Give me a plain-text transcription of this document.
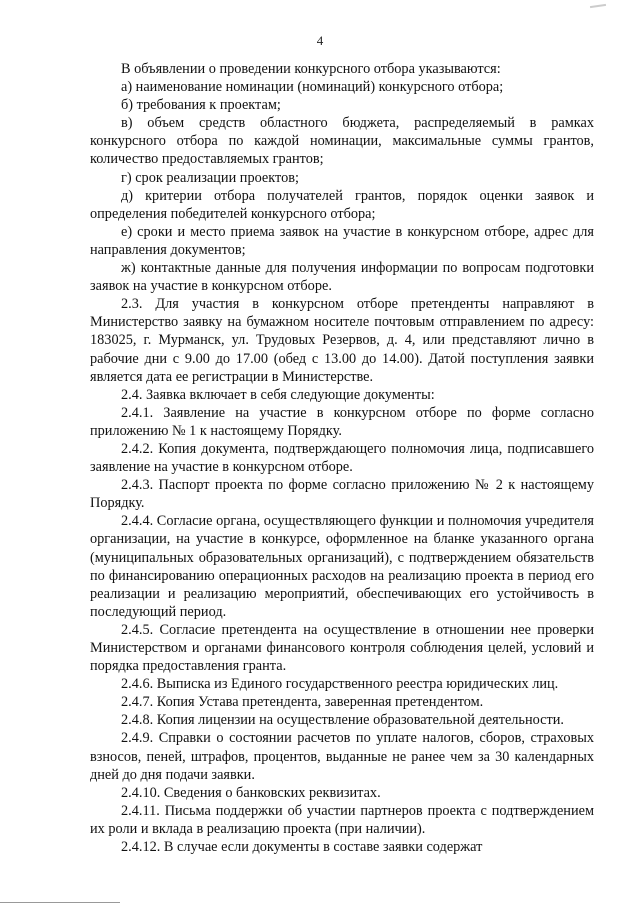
4

В объявлении о проведении конкурсного отбора указываются:

а) наименование номинации (номинаций) конкурсного отбора;

б) требования к проектам;

в) объем средств областного бюджета, распределяемый в рамках конкурсного отбора по каждой номинации, максимальные суммы грантов, количество предоставляемых грантов;

г) срок реализации проектов;

д) критерии отбора получателей грантов, порядок оценки заявок и определения победителей конкурсного отбора;

е) сроки и место приема заявок на участие в конкурсном отборе, адрес для направления документов;

ж) контактные данные для получения информации по вопросам подготовки заявок на участие в конкурсном отборе.

2.3. Для участия в конкурсном отборе претенденты направляют в Министерство заявку на бумажном носителе почтовым отправлением по адресу: 183025, г. Мурманск, ул. Трудовых Резервов, д. 4, или представляют лично в рабочие дни с 9.00 до 17.00 (обед с 13.00 до 14.00). Датой поступления заявки является дата ее регистрации в Министерстве.

2.4. Заявка включает в себя следующие документы:

2.4.1. Заявление на участие в конкурсном отборе по форме согласно приложению № 1 к настоящему Порядку.

2.4.2. Копия документа, подтверждающего полномочия лица, подписавшего заявление на участие в конкурсном отборе.

2.4.3. Паспорт проекта по форме согласно приложению № 2 к настоящему Порядку.

2.4.4. Согласие органа, осуществляющего функции и полномочия учредителя организации, на участие в конкурсе, оформленное на бланке указанного органа (муниципальных образовательных организаций), с подтверждением обязательств по финансированию операционных расходов на реализацию проекта в период его реализации и реализацию мероприятий, обеспечивающих его устойчивость в последующий период.

2.4.5. Согласие претендента на осуществление в отношении нее проверки Министерством и органами финансового контроля соблюдения целей, условий и порядка предоставления гранта.

2.4.6. Выписка из Единого государственного реестра юридических лиц.

2.4.7. Копия Устава претендента, заверенная претендентом.

2.4.8. Копия лицензии на осуществление образовательной деятельности.

2.4.9. Справки о состоянии расчетов по уплате налогов, сборов, страховых взносов, пеней, штрафов, процентов, выданные не ранее чем за 30 календарных дней до дня подачи заявки.

2.4.10. Сведения о банковских реквизитах.

2.4.11. Письма поддержки об участии партнеров проекта с подтверждением их роли и вклада в реализацию проекта (при наличии).

2.4.12. В случае если документы в составе заявки содержат
